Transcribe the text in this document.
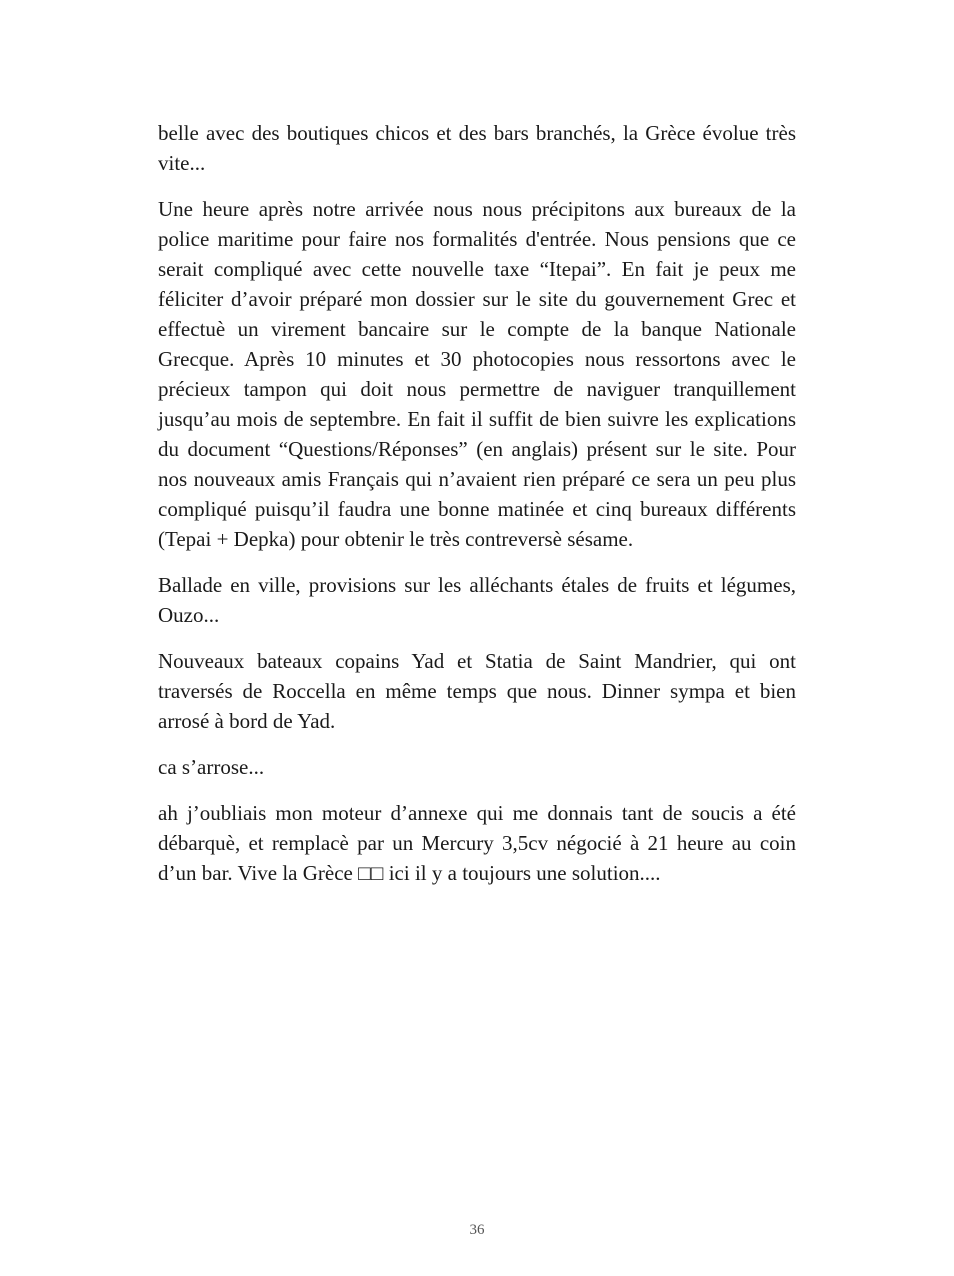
belle avec des boutiques chicos et des bars branchés, la Grèce évolue très vite...

Une heure après notre arrivée nous nous précipitons aux bureaux de la police maritime pour faire nos formalités d'entrée. Nous pensions que ce serait compliqué avec cette nouvelle taxe “Itepai”. En fait je peux me féliciter d’avoir préparé mon dossier sur le site du gouvernement Grec et effectuè un virement bancaire sur le compte de la banque Nationale Grecque. Après 10 minutes et 30 photocopies nous ressortons avec le précieux tampon qui doit nous permettre de naviguer tranquillement jusqu’au mois de septembre. En fait il suffit de bien suivre les explications du document “Questions/Réponses” (en anglais) présent sur le site. Pour nos nouveaux amis Français qui n’avaient rien préparé ce sera un peu plus compliqué puisqu’il faudra une bonne matinée et cinq bureaux différents (Tepai + Depka) pour obtenir le très contreversè sésame.

Ballade en ville, provisions sur les alléchants étales de fruits et légumes, Ouzo...

Nouveaux bateaux copains Yad et Statia de Saint Mandrier, qui ont traversés de Roccella en même temps que nous. Dinner sympa et bien arrosé à bord de Yad.

ca s’arrose...

ah j’oubliais mon moteur d’annexe qui me donnais tant de soucis a été débarquè, et remplacè par un Mercury 3,5cv négocié à 21 heure au coin d’un bar. Vive la Grèce □□ ici il y a toujours une solution....

36
